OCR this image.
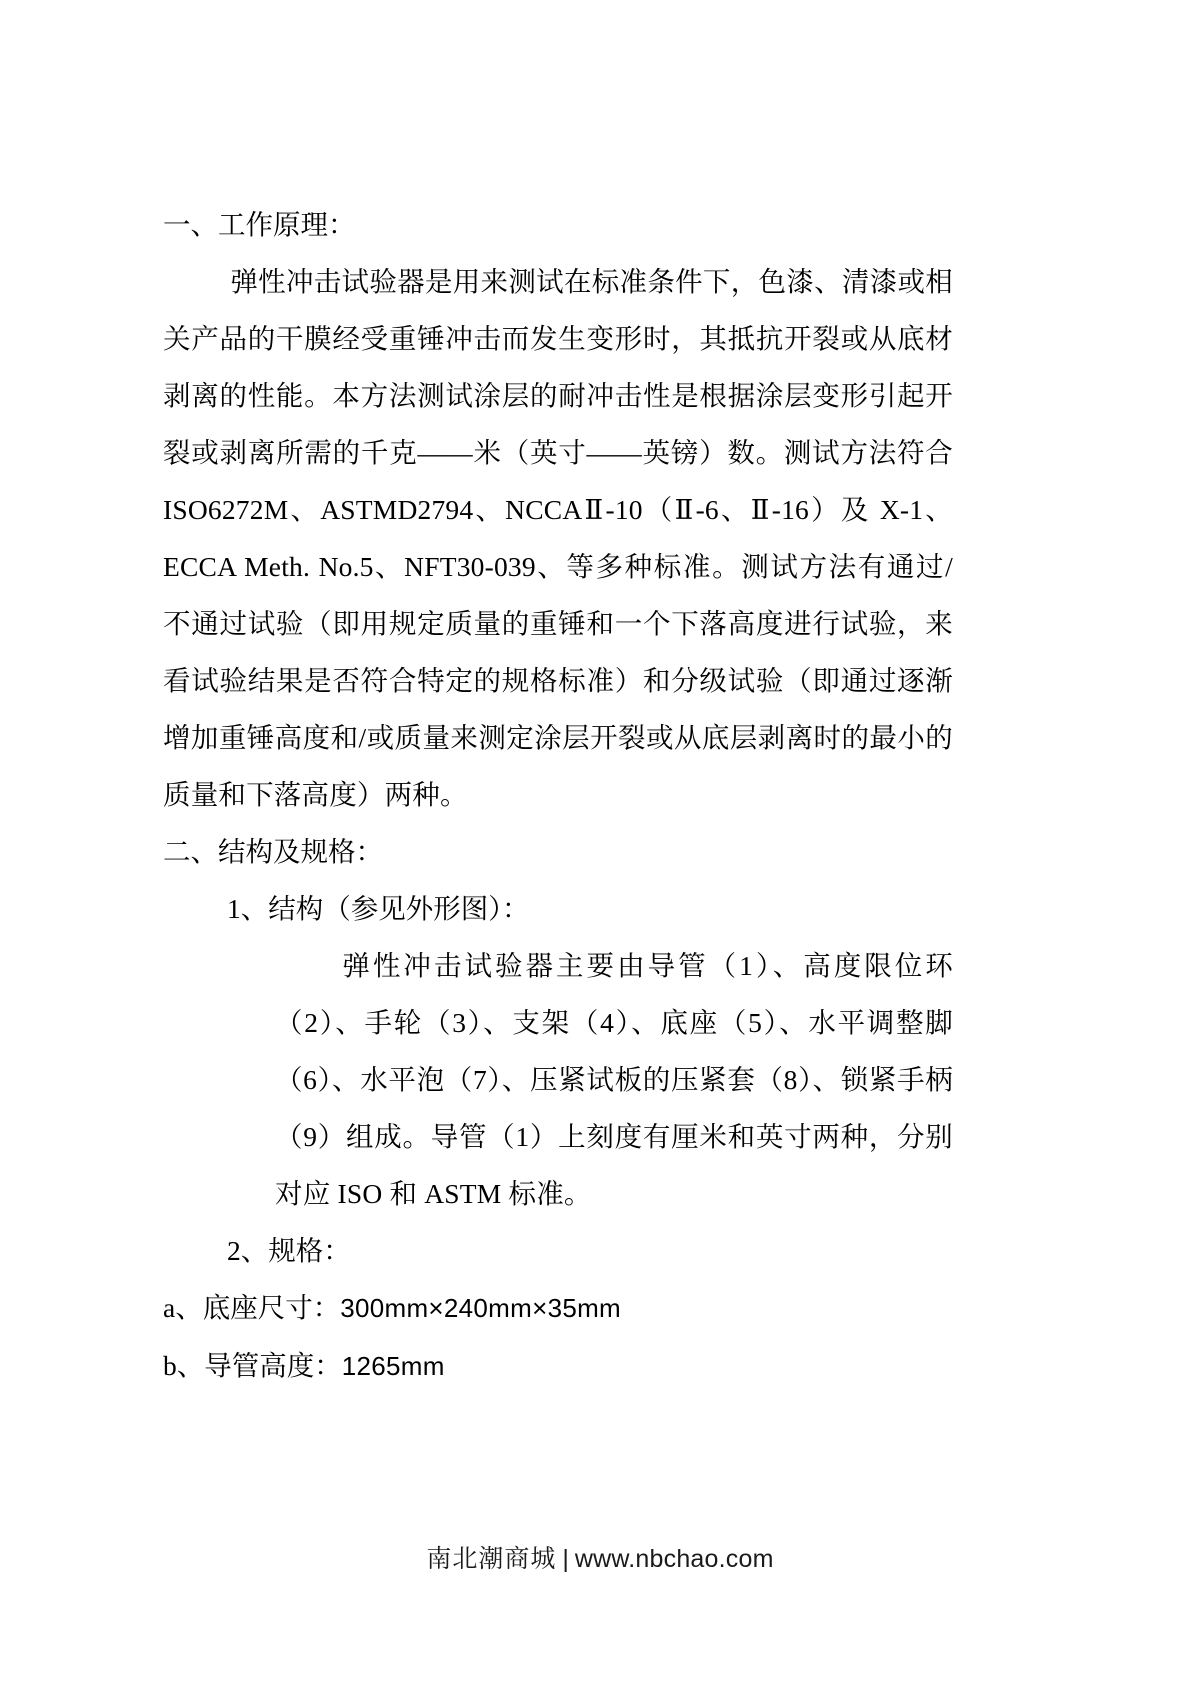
一、工作原理：

弹性冲击试验器是用来测试在标准条件下，色漆、清漆或相关产品的干膜经受重锤冲击而发生变形时，其抵抗开裂或从底材剥离的性能。本方法测试涂层的耐冲击性是根据涂层变形引起开裂或剥离所需的千克——米（英寸——英镑）数。测试方法符合 ISO6272M、ASTMD2794、NCCAⅡ-10（Ⅱ-6、Ⅱ-16）及 X-1、ECCA Meth. No.5、NFT30-039、等多种标准。测试方法有通过/不通过试验（即用规定质量的重锤和一个下落高度进行试验，来看试验结果是否符合特定的规格标准）和分级试验（即通过逐渐增加重锤高度和/或质量来测定涂层开裂或从底层剥离时的最小的质量和下落高度）两种。

二、结构及规格：

1、结构（参见外形图）：

弹性冲击试验器主要由导管（1）、高度限位环（2）、手轮（3）、支架（4）、底座（5）、水平调整脚（6）、水平泡（7）、压紧试板的压紧套（8）、锁紧手柄（9）组成。导管（1）上刻度有厘米和英寸两种，分别对应 ISO 和 ASTM 标准。

2、规格：

a、底座尺寸：300mm×240mm×35mm

b、导管高度：1265mm

南北潮商城 | www.nbchao.com
